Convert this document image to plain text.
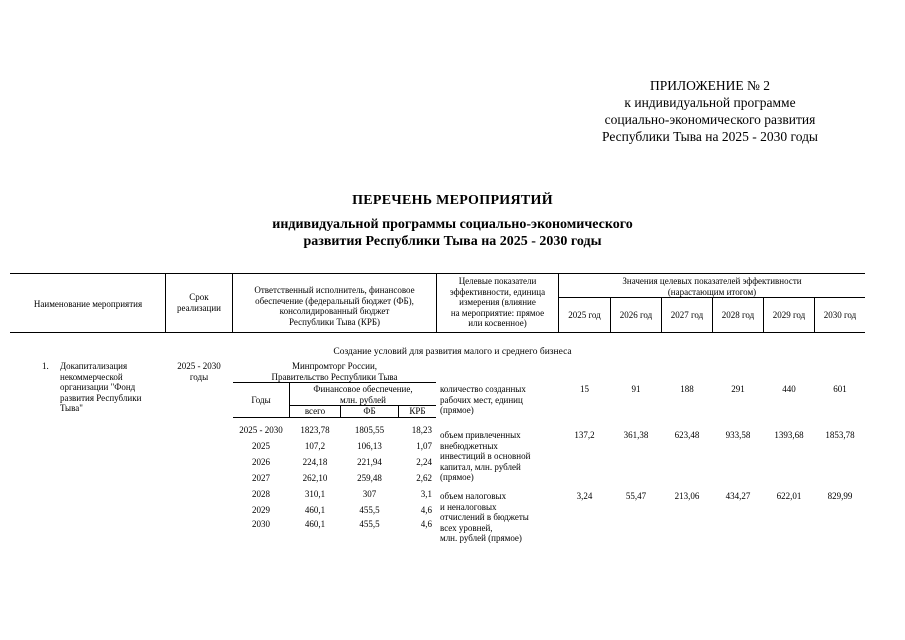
ПРИЛОЖЕНИЕ № 2
к индивидуальной программе
социально-экономического развития
Республики Тыва на 2025 - 2030 годы
ПЕРЕЧЕНЬ МЕРОПРИЯТИЙ
индивидуальной программы социально-экономического
развития Республики Тыва на 2025 - 2030 годы
Наименование мероприятия
Срок
реализации
Ответственный исполнитель, финансовое
обеспечение (федеральный бюджет (ФБ),
консолидированный бюджет
Республики Тыва (КРБ)
Целевые показатели
эффективности, единица
измерения (влияние
на мероприятие: прямое
или косвенное)
Значения целевых показателей эффективности
(нарастающим итогом)
2025 год	2026 год	2027 год	2028 год	2029 год	2030 год
Создание условий для развития малого и среднего бизнеса
1. Докапитализация
некоммерческой
организации "Фонд
развития Республики
Тыва"
2025 - 2030
годы
Минпромторг России,
Правительство Республики Тыва
Годы
Финансовое обеспечение,
млн. рублей
всего	ФБ	КРБ
2025 - 2030	1823,78	1805,55	18,23
2025	107,2	106,13	1,07
2026	224,18	221,94	2,24
2027	262,10	259,48	2,62
2028	310,1	307	3,1
2029	460,1	455,5	4,6
2030	460,1	455,5	4,6
количество созданных
рабочих мест, единиц
(прямое)
15	91	188	291	440	601
объем привлеченных
внебюджетных
инвестиций в основной
капитал, млн. рублей
(прямое)
137,2	361,38	623,48	933,58	1393,68	1853,78
объем налоговых
и неналоговых
отчислений в бюджеты
всех уровней,
млн. рублей (прямое)
3,24	55,47	213,06	434,27	622,01	829,99
